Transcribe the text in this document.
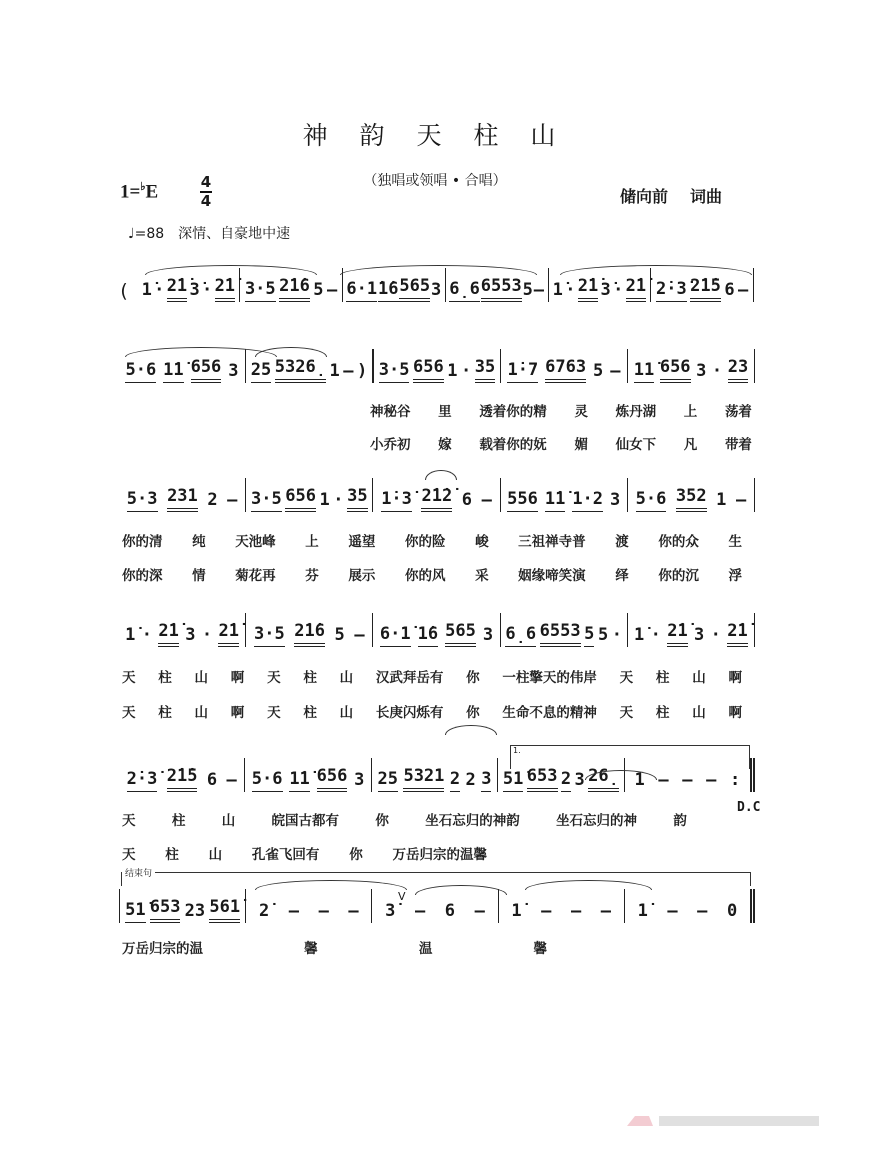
神 韵 天 柱 山
（独唱或领唱 • 合唱）
1=♭E	4
4	储向前 词曲
♩=88 深情、自豪地中速
1.
结束句
D.C
V
( 1̇ · 2̇1̇ 3̇ · 2̇1̇ 3·5 2̇1̇6 5 – 6·1̇ 1̇6 565 3 6̣6 6553 5 – 1̇ · 2̇1̇ 3̇ · 2̇1̇ 2̇·3̇ 2̇1̇5 6 –
5·6 1̇1̇ 656 3 25 5326̣ 1 – ) 3·5 656 1 · 35 1̇·7 6763 5 – 11̇ 656 3 · 23
神秘谷 里 透着你的精 灵 炼丹湖 上 荡着
小乔初 嫁 载着你的妩 媚 仙女下 凡 带着
5·3 231 2 – 3·5 656 1 · 35 1̇·3̇ 2̇1̇2̇ 6 – 556 1̇1̇ 1·2 3 5·6 352 1 –
你的清 纯 天池峰 上 遥望 你的险 峻 三祖禅寺普 渡 你的众 生
你的深 情 菊花再 芬 展示 你的风 采 姻缘啼笑演 绎 你的沉 浮
1̇ · 2̇1̇ 3 · 2̇1̇ 3·5 2̇1̇6 5 – 6·1̇ 1̇6 565 3 6̣6 6553 5 5 · 1̇ · 2̇1̇ 3 · 2̇1̇
天 柱 山 啊 天 柱 山 汉武拜岳有 你 一柱擎天的伟岸 天 柱 山 啊
天 柱 山 啊 天 柱 山 长庚闪烁有 你 生命不息的精神 天 柱 山 啊
2̇·3̇ 2̇1̇5 6 – 5·6 1̇1̇ 656 3 25 5321 2 2 3 51̇ 653 2 3 26̣ 1 – – – :
天	柱	山	皖国古都有	你	坐石忘归的神韵	坐石忘归的神	韵
天 柱 山 孔雀飞回有 你 万岳归宗的温馨
51̇ 653 23 561̇ 2̇ – – – 3̇ – 6 – 1̇ – – – 1̇ – – 0
万岳归宗的温	馨	温	馨
